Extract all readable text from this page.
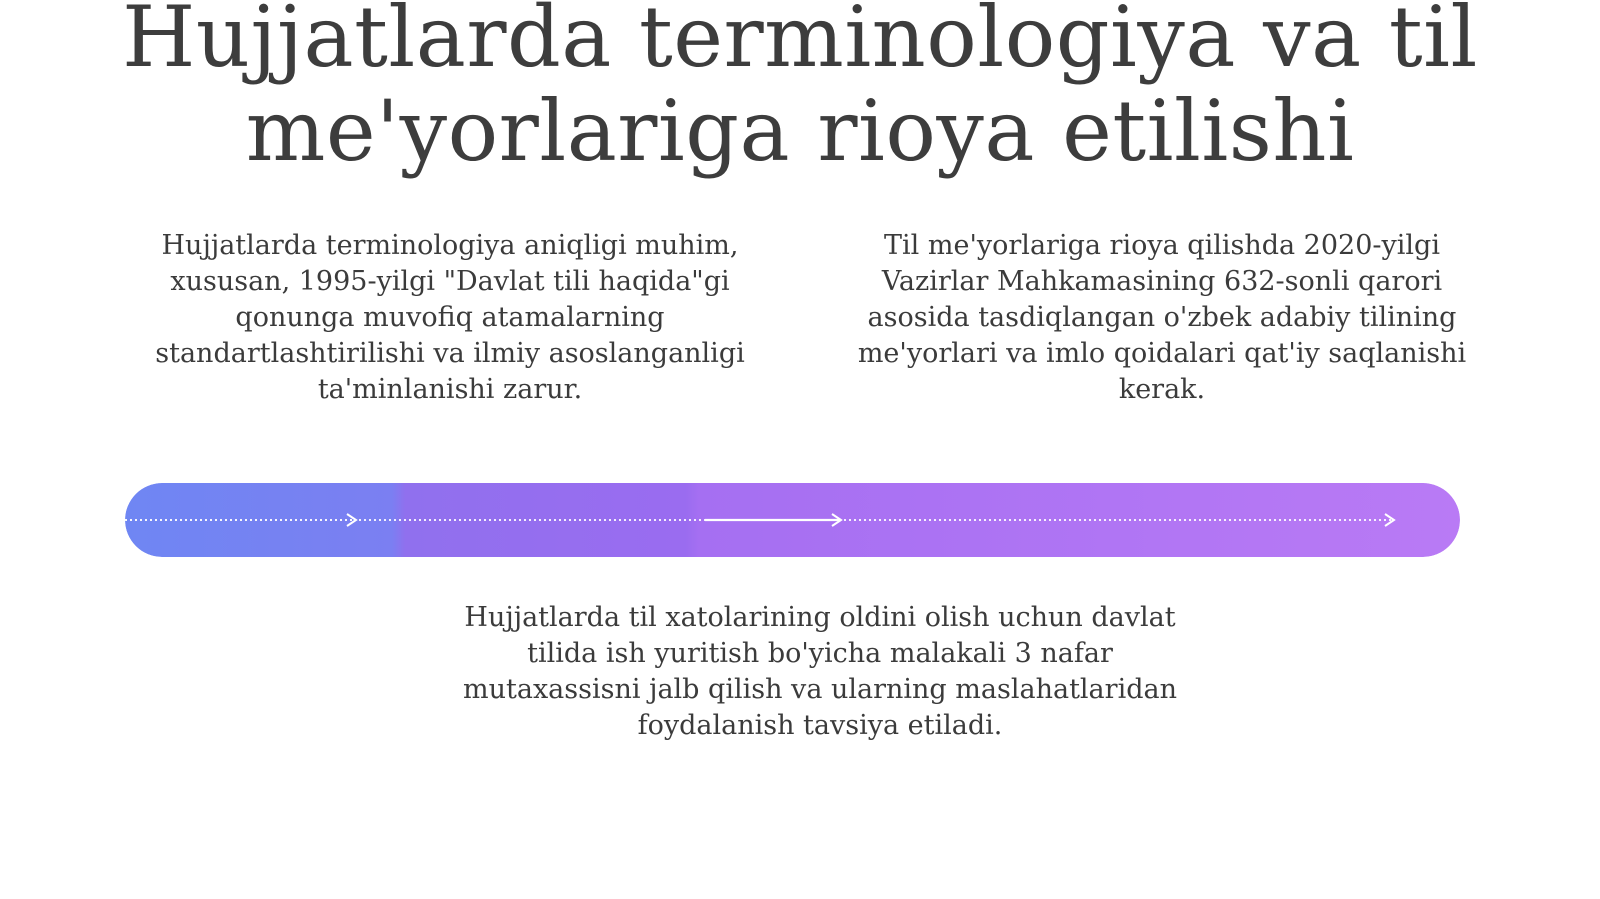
Hujjatlarda terminologiya va til me'yorlariga rioya etilishi

Hujjatlarda terminologiya aniqligi muhim, xususan, 1995-yilgi "Davlat tili haqida"gi qonunga muvofiq atamalarning standartlashtirilishi va ilmiy asoslanganligi ta'minlanishi zarur.

Til me'yorlariga rioya qilishda 2020-yilgi Vazirlar Mahkamasining 632-sonli qarori asosida tasdiqlangan o'zbek adabiy tilining me'yorlari va imlo qoidalari qat'iy saqlanishi kerak.

Hujjatlarda til xatolarining oldini olish uchun davlat tilida ish yuritish bo'yicha malakali 3 nafar mutaxassisni jalb qilish va ularning maslahatlaridan foydalanish tavsiya etiladi.
